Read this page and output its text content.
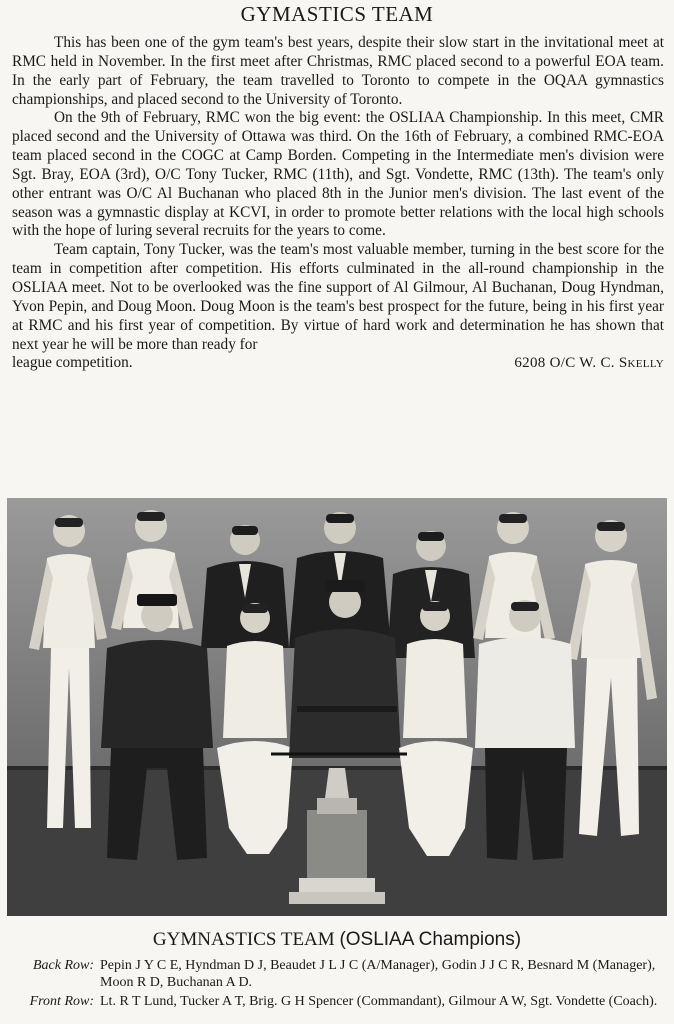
GYMASTICS TEAM

This has been one of the gym team's best years, despite their slow start in the invitational meet at RMC held in November. In the first meet after Christmas, RMC placed second to a powerful EOA team. In the early part of February, the team travelled to Toronto to compete in the OQAA gymnastics championships, and placed second to the University of Toronto.

On the 9th of February, RMC won the big event: the OSLIAA Championship. In this meet, CMR placed second and the University of Ottawa was third. On the 16th of February, a combined RMC-EOA team placed second in the COGC at Camp Borden. Competing in the Intermediate men's division were Sgt. Bray, EOA (3rd), O/C Tony Tucker, RMC (11th), and Sgt. Vondette, RMC (13th). The team's only other entrant was O/C Al Buchanan who placed 8th in the Junior men's division. The last event of the season was a gymnastic display at KCVI, in order to promote better relations with the local high schools with the hope of luring several recruits for the years to come.

Team captain, Tony Tucker, was the team's most valuable member, turning in the best score for the team in competition after competition. His efforts culminated in the all-round championship in the OSLIAA meet. Not to be overlooked was the fine support of Al Gilmour, Al Buchanan, Doug Hyndman, Yvon Pepin, and Doug Moon. Doug Moon is the team's best prospect for the future, being in his first year at RMC and his first year of competition. By virtue of hard work and determination he has shown that next year he will be more than ready for

league competition.	6208 O/C W. C. Skelly
GYMNASTICS TEAM (OSLIAA Champions)
Back Row: Pepin J Y C E, Hyndman D J, Beaudet J L J C (A/Manager), Godin J J C R, Besnard M (Manager), Moon R D, Buchanan A D.
Front Row: Lt. R T Lund, Tucker A T, Brig. G H Spencer (Commandant), Gilmour A W, Sgt. Vondette (Coach).
